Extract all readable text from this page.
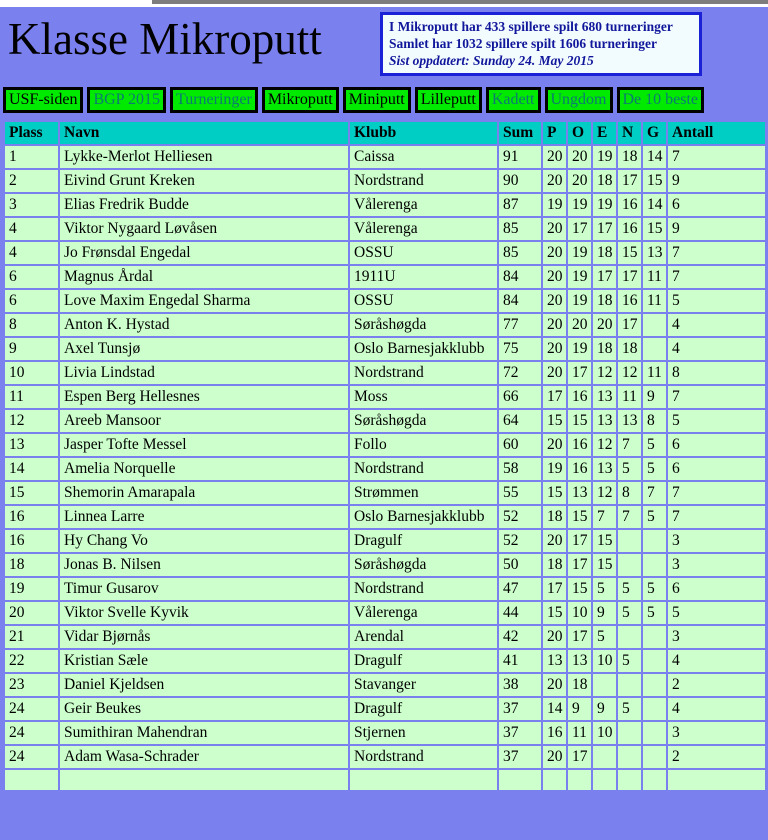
Klasse Mikroputt	I Mikroputt har 433 spillere spilt 680 turneringer
Samlet har 1032 spillere spilt 1606 turneringer
Sist oppdatert: Sunday 24. May 2015
USF-siden	BGP 2015	Turneringer	Mikroputt	Miniputt	Lilleputt	Kadett	Ungdom	De 10 beste
Plass	Navn	Klubb	Sum	P	O	E	N	G	Antall
1	Lykke-Merlot Helliesen	Caissa	91	20	20	19	18	14	7
2	Eivind Grunt Kreken	Nordstrand	90	20	20	18	17	15	9
3	Elias Fredrik Budde	Vålerenga	87	19	19	19	16	14	6
4	Viktor Nygaard Løvåsen	Vålerenga	85	20	17	17	16	15	9
4	Jo Frønsdal Engedal	OSSU	85	20	19	18	15	13	7
6	Magnus Årdal	1911U	84	20	19	17	17	11	7
6	Love Maxim Engedal Sharma	OSSU	84	20	19	18	16	11	5
8	Anton K. Hystad	Søråshøgda	77	20	20	20	17		4
9	Axel Tunsjø	Oslo Barnesjakklubb	75	20	19	18	18		4
10	Livia Lindstad	Nordstrand	72	20	17	12	12	11	8
11	Espen Berg Hellesnes	Moss	66	17	16	13	11	9	7
12	Areeb Mansoor	Søråshøgda	64	15	15	13	13	8	5
13	Jasper Tofte Messel	Follo	60	20	16	12	7	5	6
14	Amelia Norquelle	Nordstrand	58	19	16	13	5	5	6
15	Shemorin Amarapala	Strømmen	55	15	13	12	8	7	7
16	Linnea Larre	Oslo Barnesjakklubb	52	18	15	7	7	5	7
16	Hy Chang Vo	Dragulf	52	20	17	15			3
18	Jonas B. Nilsen	Søråshøgda	50	18	17	15			3
19	Timur Gusarov	Nordstrand	47	17	15	5	5	5	6
20	Viktor Svelle Kyvik	Vålerenga	44	15	10	9	5	5	5
21	Vidar Bjørnås	Arendal	42	20	17	5			3
22	Kristian Sæle	Dragulf	41	13	13	10	5		4
23	Daniel Kjeldsen	Stavanger	38	20	18				2
24	Geir Beukes	Dragulf	37	14	9	9	5		4
24	Sumithiran Mahendran	Stjernen	37	16	11	10			3
24	Adam Wasa-Schrader	Nordstrand	37	20	17				2
